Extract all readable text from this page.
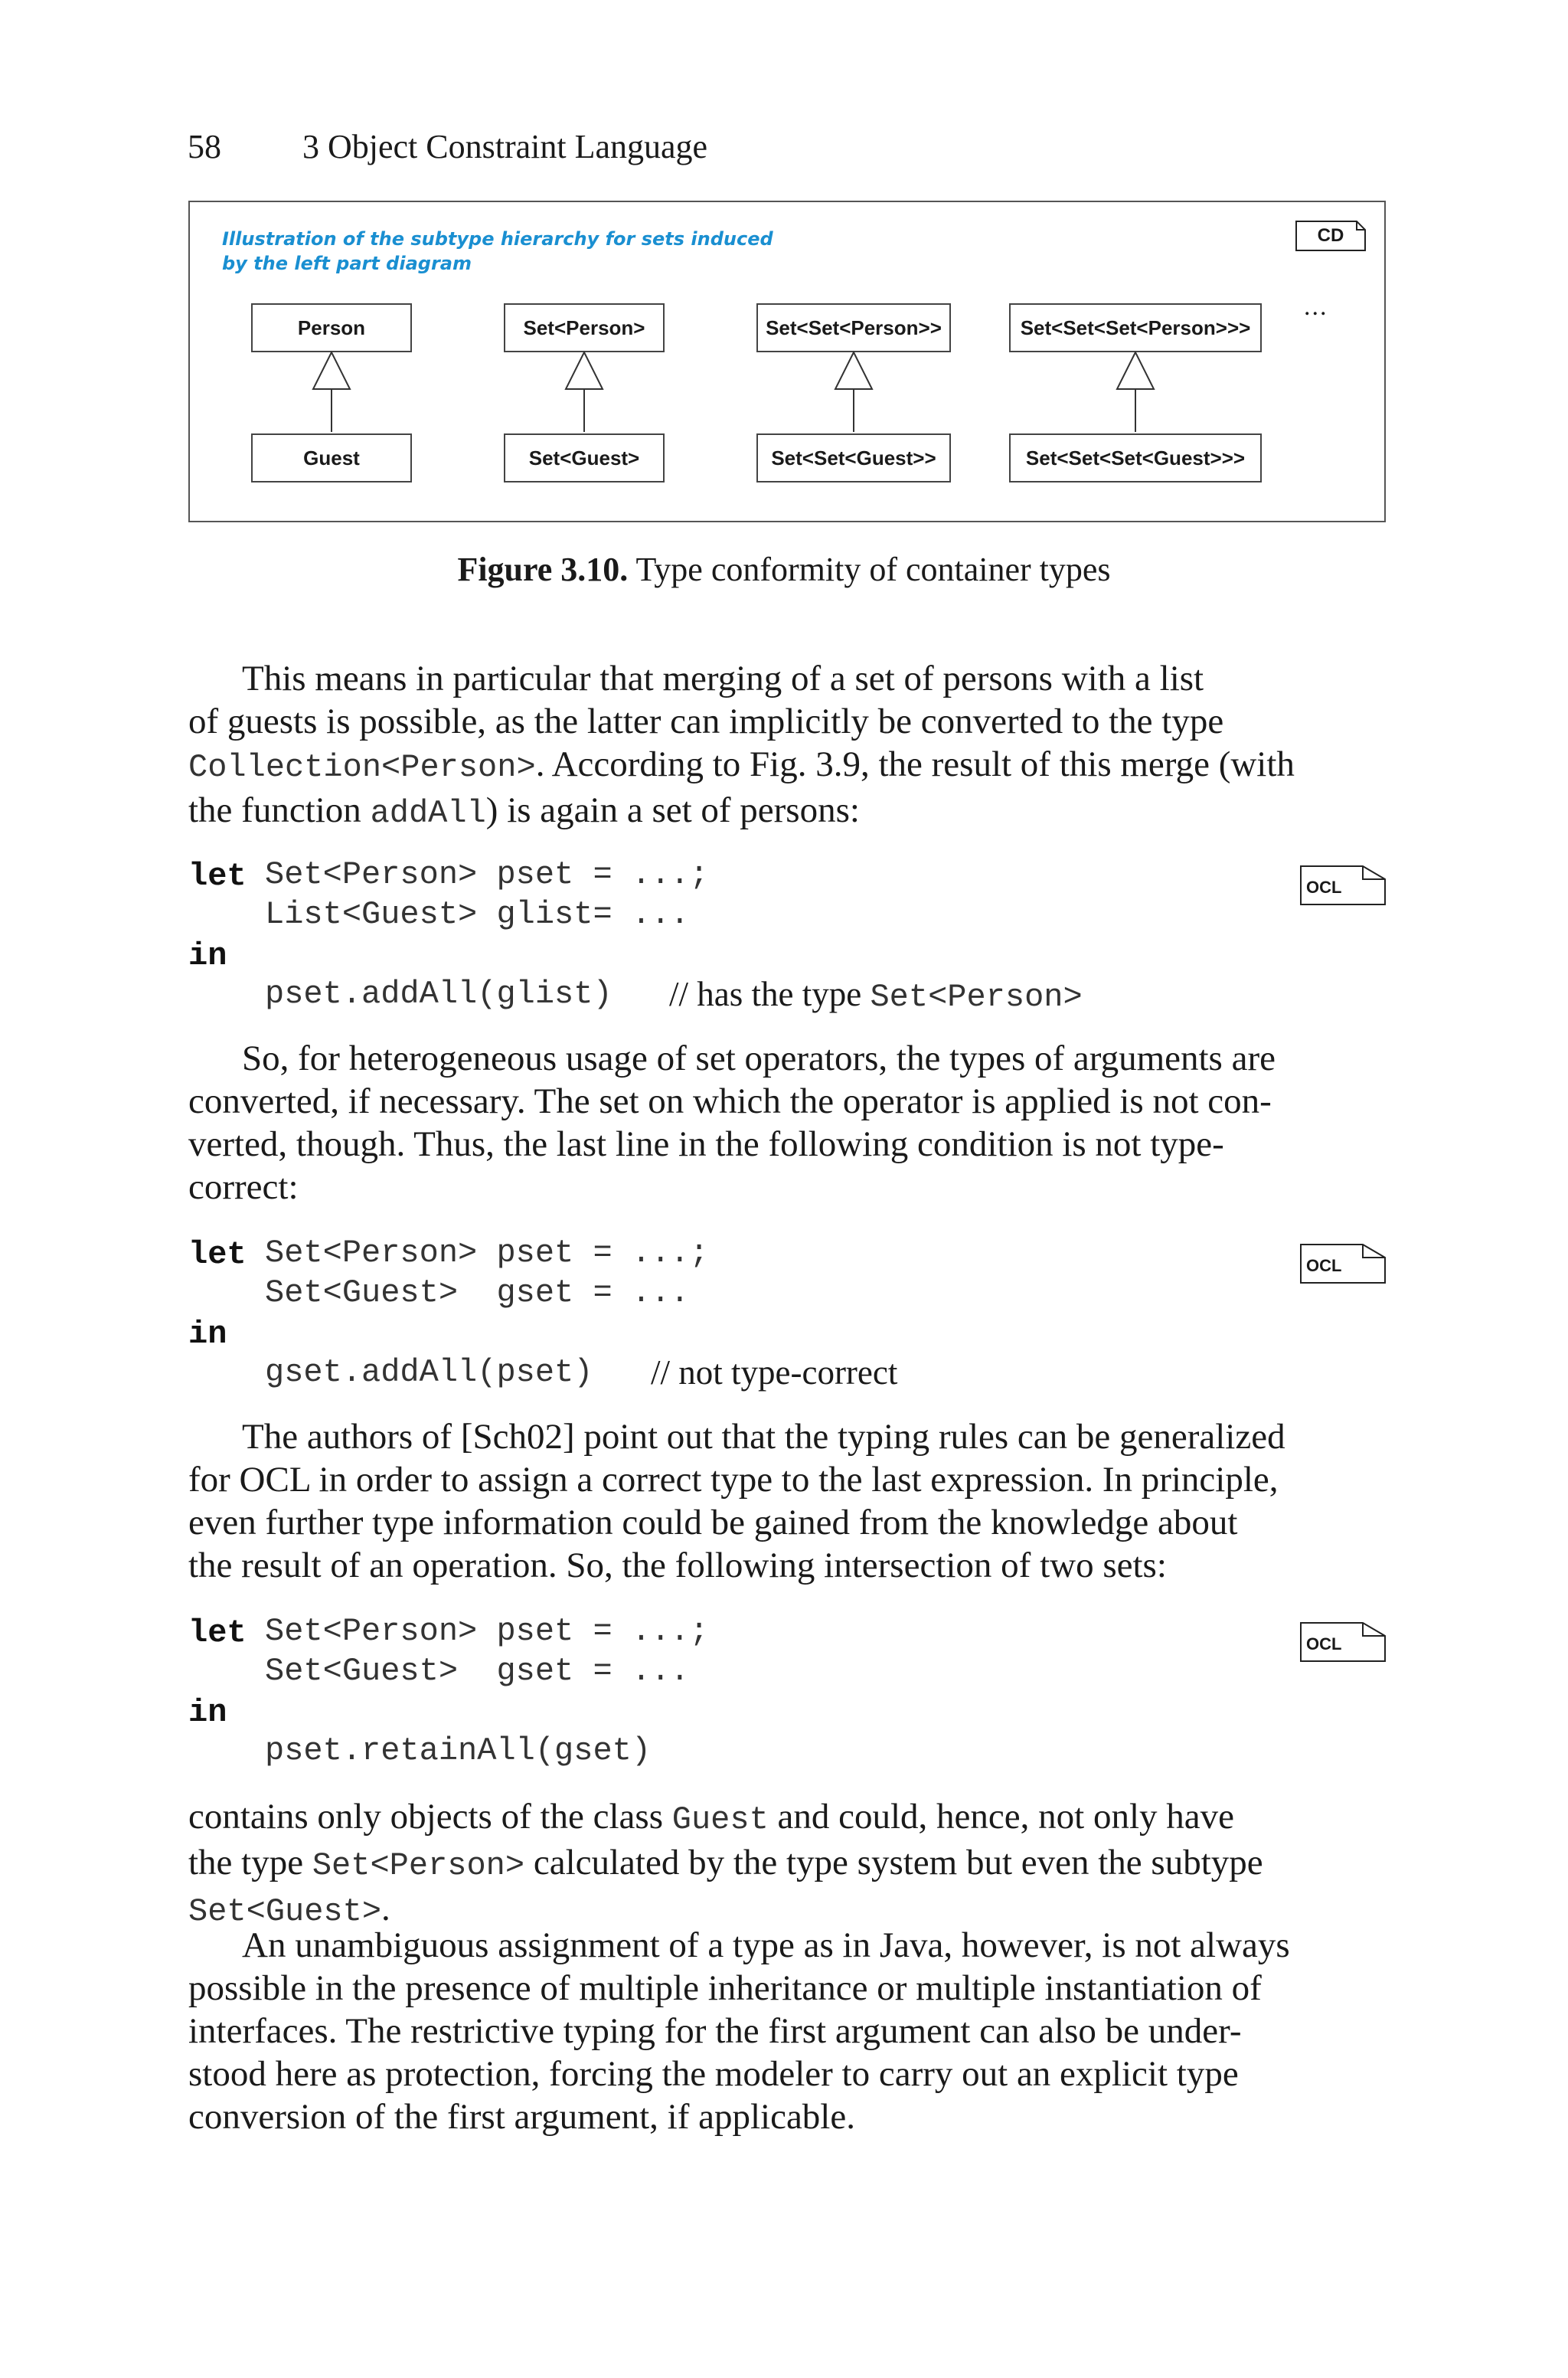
58 3 Object Constraint Language
Illustration of the subtype hierarchy for sets induced
by the left part diagram
CD
...
Person	Set<Person>	Set<Set<Person>>	Set<Set<Set<Person>>>
Guest	Set<Guest>	Set<Set<Guest>>	Set<Set<Set<Guest>>>
Figure 3.10. Type conformity of container types
This means in particular that merging of a set of persons with a list
of guests is possible, as the latter can implicitly be converted to the type
Collection<Person>. According to Fig. 3.9, the result of this merge (with
the function addAll) is again a set of persons:
let Set<Person> pset = ...;
List<Guest> glist= ...
in
pset.addAll(glist) // has the type Set<Person>
OCL
So, for heterogeneous usage of set operators, the types of arguments are
converted, if necessary. The set on which the operator is applied is not con-
verted, though. Thus, the last line in the following condition is not type-
correct:
let Set<Person> pset = ...;
Set<Guest>  gset = ...
in
gset.addAll(pset) // not type-correct
OCL
The authors of [Sch02] point out that the typing rules can be generalized
for OCL in order to assign a correct type to the last expression. In principle,
even further type information could be gained from the knowledge about
the result of an operation. So, the following intersection of two sets:
let Set<Person> pset = ...;
Set<Guest>  gset = ...
in
pset.retainAll(gset)
OCL
contains only objects of the class Guest and could, hence, not only have
the type Set<Person> calculated by the type system but even the subtype
Set<Guest>.
An unambiguous assignment of a type as in Java, however, is not always
possible in the presence of multiple inheritance or multiple instantiation of
interfaces. The restrictive typing for the first argument can also be under-
stood here as protection, forcing the modeler to carry out an explicit type
conversion of the first argument, if applicable.
